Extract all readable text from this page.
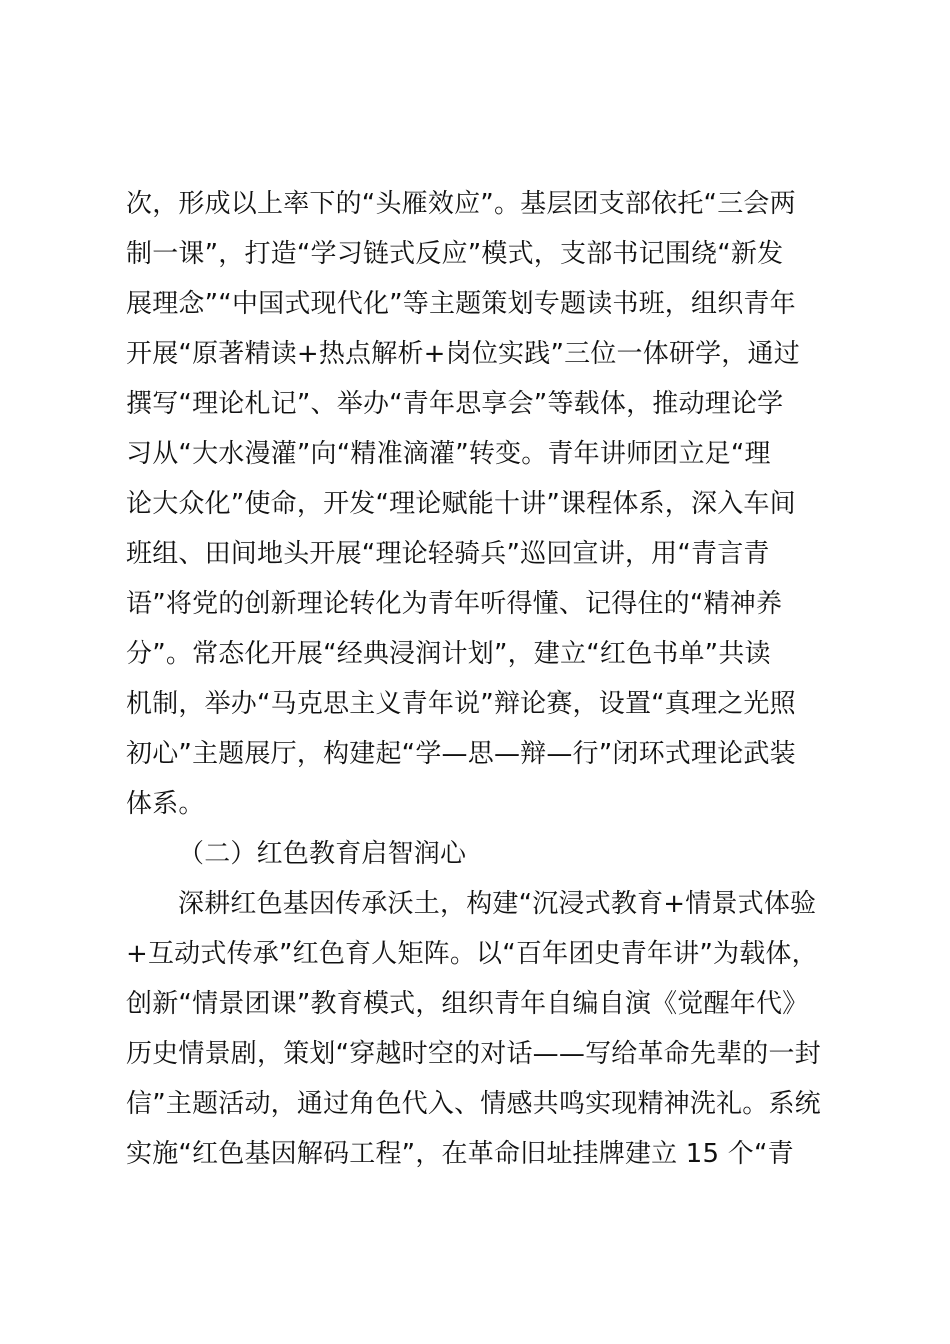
次，形成以上率下的“头雁效应”。基层团支部依托“三会两
制一课”，打造“学习链式反应”模式，支部书记围绕“新发
展理念”“中国式现代化”等主题策划专题读书班，组织青年
开展“原著精读+热点解析+岗位实践”三位一体研学，通过
撰写“理论札记”、举办“青年思享会”等载体，推动理论学
习从“大水漫灌”向“精准滴灌”转变。青年讲师团立足“理
论大众化”使命，开发“理论赋能十讲”课程体系，深入车间
班组、田间地头开展“理论轻骑兵”巡回宣讲，用“青言青
语”将党的创新理论转化为青年听得懂、记得住的“精神养
分”。常态化开展“经典浸润计划”，建立“红色书单”共读
机制，举办“马克思主义青年说”辩论赛，设置“真理之光照
初心”主题展厅，构建起“学—思—辩—行”闭环式理论武装
体系。
（二）红色教育启智润心
深耕红色基因传承沃土，构建“沉浸式教育+情景式体验
+互动式传承”红色育人矩阵。以“百年团史青年讲”为载体，
创新“情景团课”教育模式，组织青年自编自演《觉醒年代》
历史情景剧，策划“穿越时空的对话——写给革命先辈的一封
信”主题活动，通过角色代入、情感共鸣实现精神洗礼。系统
实施“红色基因解码工程”，在革命旧址挂牌建立 15 个“青
